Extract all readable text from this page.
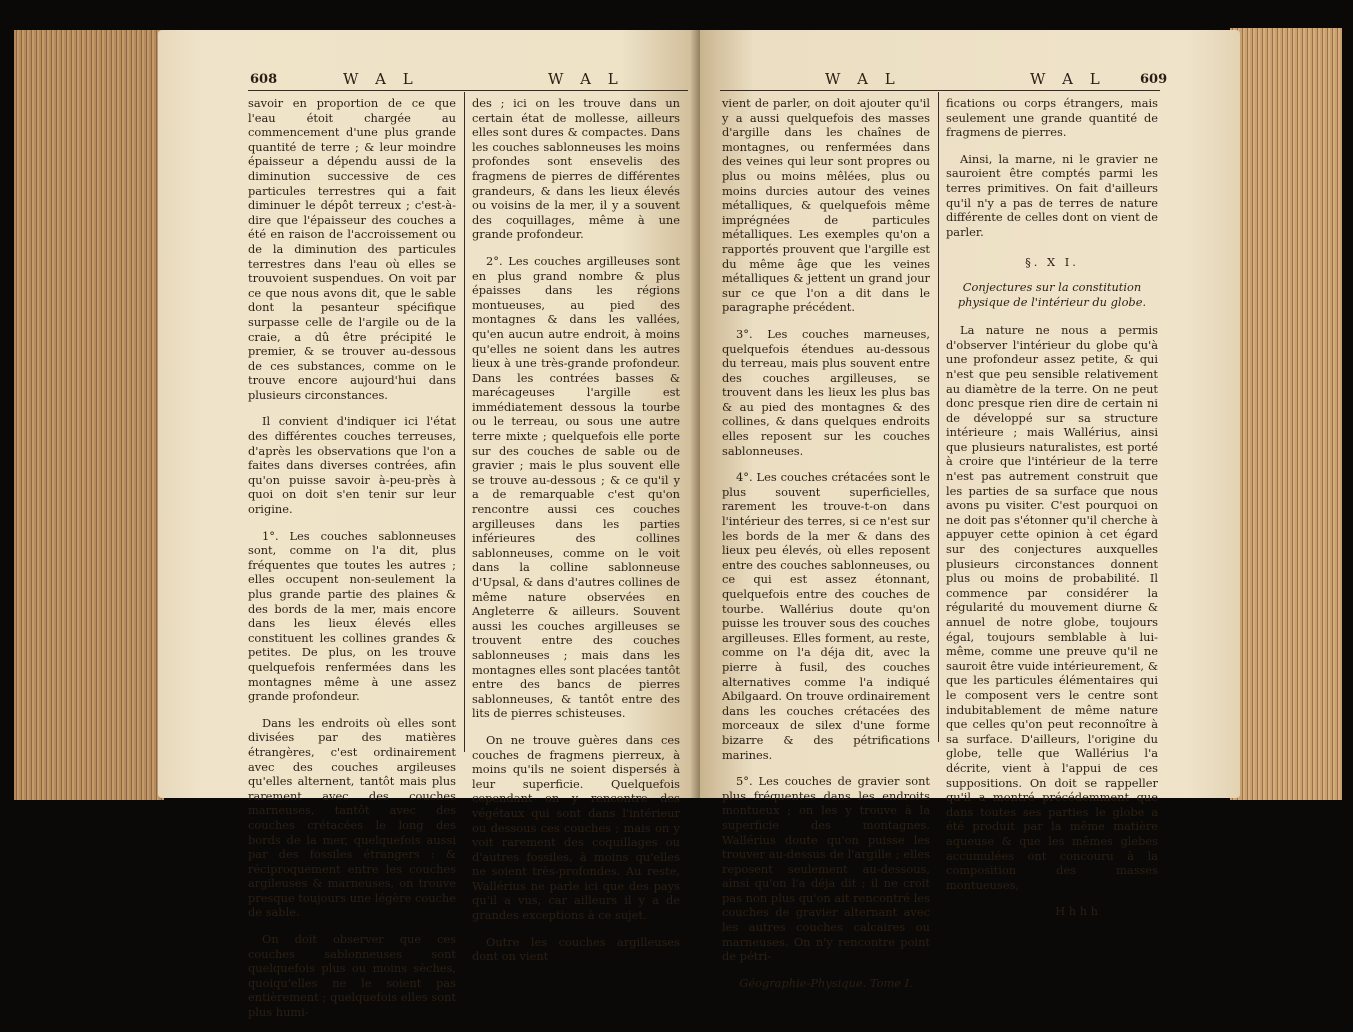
608	W A L	W A L

savoir en proportion de ce que l'eau étoit chargée au commencement d'une plus grande quantité de terre ; & leur moindre épaisseur a dépendu aussi de la diminution successive de ces particules terrestres qui a fait diminuer le dépôt terreux ; c'est-à-dire que l'épaisseur des couches a été en raison de l'accroissement ou de la diminution des particules terrestres dans l'eau où elles se trouvoient suspendues. On voit par ce que nous avons dit, que le sable dont la pesanteur spécifique surpasse celle de l'argile ou de la craie, a dû être précipité le premier, & se trouver au-dessous de ces substances, comme on le trouve encore aujourd'hui dans plusieurs circonstances.

Il convient d'indiquer ici l'état des différentes couches terreuses, d'après les observations que l'on a faites dans diverses contrées, afin qu'on puisse savoir à-peu-près à quoi on doit s'en tenir sur leur origine.

1°. Les couches sablonneuses sont, comme on l'a dit, plus fréquentes que toutes les autres ; elles occupent non-seulement la plus grande partie des plaines & des bords de la mer, mais encore dans les lieux élevés elles constituent les collines grandes & petites. De plus, on les trouve quelquefois renfermées dans les montagnes même à une assez grande profondeur.

Dans les endroits où elles sont divisées par des matières étrangères, c'est ordinairement avec des couches argileuses qu'elles alternent, tantôt mais plus rarement avec des couches marneuses, tantôt avec des couches crétacées le long des bords de la mer, quelquefois aussi par des fossiles étrangers : & réciproquement entre les couches argileuses & marneuses, on trouve presque toujours une légère couche de sable.

On doit observer que ces couches sablonneuses sont quelquefois plus ou moins sèches, quoiqu'elles ne le soient pas entièrement ; quelquefois elles sont plus humi-

des ; ici on les trouve dans un certain état de mollesse, ailleurs elles sont dures & compactes. Dans les couches sablonneuses les moins profondes sont ensevelis des fragmens de pierres de différentes grandeurs, & dans les lieux élevés ou voisins de la mer, il y a souvent des coquillages, même à une grande profondeur.

2°. Les couches argilleuses sont en plus grand nombre & plus épaisses dans les régions montueuses, au pied des montagnes & dans les vallées, qu'en aucun autre endroit, à moins qu'elles ne soient dans les autres lieux à une très-grande profondeur. Dans les contrées basses & marécageuses l'argille est immédiatement dessous la tourbe ou le terreau, ou sous une autre terre mixte ; quelquefois elle porte sur des couches de sable ou de gravier ; mais le plus souvent elle se trouve au-dessous ; & ce qu'il y a de remarquable c'est qu'on rencontre aussi ces couches argilleuses dans les parties inférieures des collines sablonneuses, comme on le voit dans la colline sablonneuse d'Upsal, & dans d'autres collines de même nature observées en Angleterre & ailleurs. Souvent aussi les couches argilleuses se trouvent entre des couches sablonneuses ; mais dans les montagnes elles sont placées tantôt entre des bancs de pierres sablonneuses, & tantôt entre des lits de pierres schisteuses.

On ne trouve guères dans ces couches de fragmens pierreux, à moins qu'ils ne soient dispersés à leur superficie. Quelquefois cependant on y rencontre des végétaux qui sont dans l'intérieur ou dessous ces couches ; mais on y voit rarement des coquillages ou d'autres fossiles, à moins qu'elles ne soient très-profondes. Au reste, Wallérius ne parle ici que des pays qu'il a vus, car ailleurs il y a de grandes exceptions à ce sujet.

Outre les couches argilleuses dont on vient

W A L	W A L	609

vient de parler, on doit ajouter qu'il y a aussi quelquefois des masses d'argille dans les chaînes de montagnes, ou renfermées dans des veines qui leur sont propres ou plus ou moins mêlées, plus ou moins durcies autour des veines métalliques, & quelquefois même imprégnées de particules métalliques. Les exemples qu'on a rapportés prouvent que l'argille est du même âge que les veines métalliques & jettent un grand jour sur ce que l'on a dit dans le paragraphe précédent.

3°. Les couches marneuses, quelquefois étendues au-dessous du terreau, mais plus souvent entre des couches argilleuses, se trouvent dans les lieux les plus bas & au pied des montagnes & des collines, & dans quelques endroits elles reposent sur les couches sablonneuses.

4°. Les couches crétacées sont le plus souvent superficielles, rarement les trouve-t-on dans l'intérieur des terres, si ce n'est sur les bords de la mer & dans des lieux peu élevés, où elles reposent entre des couches sablonneuses, ou ce qui est assez étonnant, quelquefois entre des couches de tourbe. Wallérius doute qu'on puisse les trouver sous des couches argilleuses. Elles forment, au reste, comme on l'a déja dit, avec la pierre à fusil, des couches alternatives comme l'a indiqué Abilgaard. On trouve ordinairement dans les couches crétacées des morceaux de silex d'une forme bizarre & des pétrifications marines.

5°. Les couches de gravier sont plus fréquentes dans les endroits montueux ; on les y trouve à la superficie des montagnes. Wallérius doute qu'on puisse les trouver au-dessus de l'argille ; elles reposent seulement au-dessous, ainsi qu'on l'a déja dit ; il ne croit pas non plus qu'on ait rencontré les couches de gravier alternant avec les autres couches calcaires ou marneuses. On n'y rencontre point de pétri-

Géographie-Physique. Tome I.

fications ou corps étrangers, mais seulement une grande quantité de fragmens de pierres.

Ainsi, la marne, ni le gravier ne sauroient être comptés parmi les terres primitives. On fait d'ailleurs qu'il n'y a pas de terres de nature différente de celles dont on vient de parler.

§. X I.

Conjectures sur la constitution physique de l'intérieur du globe.

La nature ne nous a permis d'observer l'intérieur du globe qu'à une profondeur assez petite, & qui n'est que peu sensible relativement au diamètre de la terre. On ne peut donc presque rien dire de certain ni de développé sur sa structure intérieure ; mais Wallérius, ainsi que plusieurs naturalistes, est porté à croire que l'intérieur de la terre n'est pas autrement construit que les parties de sa surface que nous avons pu visiter. C'est pourquoi on ne doit pas s'étonner qu'il cherche à appuyer cette opinion à cet égard sur des conjectures auxquelles plusieurs circonstances donnent plus ou moins de probabilité. Il commence par considérer la régularité du mouvement diurne & annuel de notre globe, toujours égal, toujours semblable à lui-même, comme une preuve qu'il ne sauroit être vuide intérieurement, & que les particules élémentaires qui le composent vers le centre sont indubitablement de même nature que celles qu'on peut reconnoître à sa surface. D'ailleurs, l'origine du globe, telle que Wallérius l'a décrite, vient à l'appui de ces suppositions. On doit se rappeller qu'il a montré précédemment que dans toutes ses parties le globe a été produit par la même matière aqueuse & que les mêmes glebes accumulées ont concouru à la composition des masses montueuses,

H h h h
